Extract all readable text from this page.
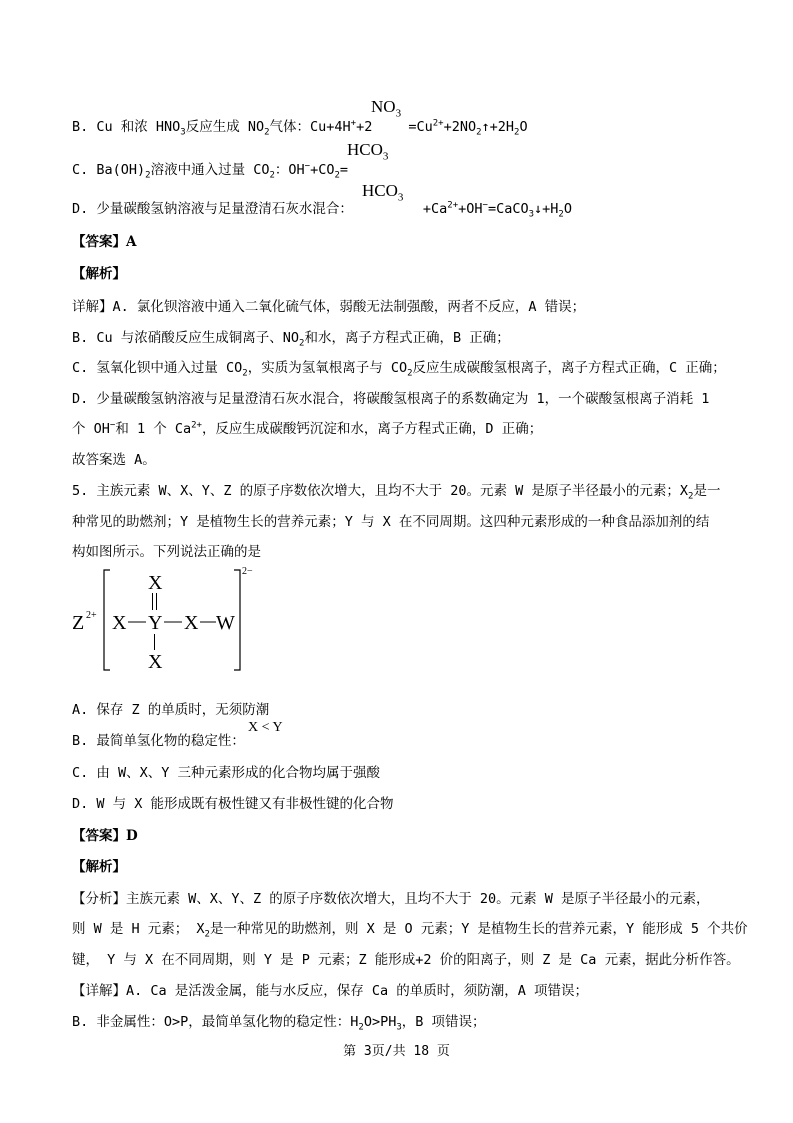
$NO_3$
B. Cu 和浓 $HNO_3$反应生成 $NO_2$气体：Cu+4H++2	$=Cu^{2+}+2NO_2↑+2H_2O$
$HCO_3$
C. $Ba(OH)_2$溶液中通入过量 $CO_2$：$OH^-+CO_2=$
$HCO_3$
D. 少量碳酸氢钠溶液与足量澄清石灰水混合：	$+Ca^{2+}+OH^-=CaCO_3↓+H_2O$
【答案】A
【解析】
详解】A. 氯化钡溶液中通入二氧化硫气体，弱酸无法制强酸，两者不反应，A 错误；
B. Cu 与浓硝酸反应生成铜离子、$NO_2$和水，离子方程式正确，B 正确；
C. 氢氧化钡中通入过量 $CO_2$，实质为氢氧根离子与 $CO_2$反应生成碳酸氢根离子，离子方程式正确，C 正确；
D. 少量碳酸氢钠溶液与足量澄清石灰水混合，将碳酸氢根离子的系数确定为 1，一个碳酸氢根离子消耗 1
个 OH−和 1 个 $Ca^{2+}$，反应生成碳酸钙沉淀和水，离子方程式正确，D 正确；
故答案选 A。
5. 主族元素 W、X、Y、Z 的原子序数依次增大，且均不大于 20。元素 W 是原子半径最小的元素；$X_2$是一
种常见的助燃剂；Y 是植物生长的营养元素；Y 与 X 在不同周期。这四种元素形成的一种食品添加剂的结
构如图所示。下列说法正确的是
Z 2+
2−
X
X Y X W
X
A. 保存 Z 的单质时，无须防潮
X < Y
B. 最简单氢化物的稳定性：
C. 由 W、X、Y 三种元素形成的化合物均属于强酸
D. W 与 X 能形成既有极性键又有非极性键的化合物
【答案】D
【解析】
【分析】主族元素 W、X、Y、Z 的原子序数依次增大，且均不大于 20。元素 W 是原子半径最小的元素，
则 W 是 H 元素； $X_2$是一种常见的助燃剂，则 X 是 O 元素；Y 是植物生长的营养元素，Y 能形成 5 个共价
键， Y 与 X 在不同周期，则 Y 是 P 元素；Z 能形成+2 价的阳离子，则 Z 是 Ca 元素，据此分析作答。
【详解】A. Ca 是活泼金属，能与水反应，保存 Ca 的单质时，须防潮，A 项错误；
B. 非金属性：O>P，最简单氢化物的稳定性：$H_2O>PH_3$，B 项错误；
第 3页/共 18 页
